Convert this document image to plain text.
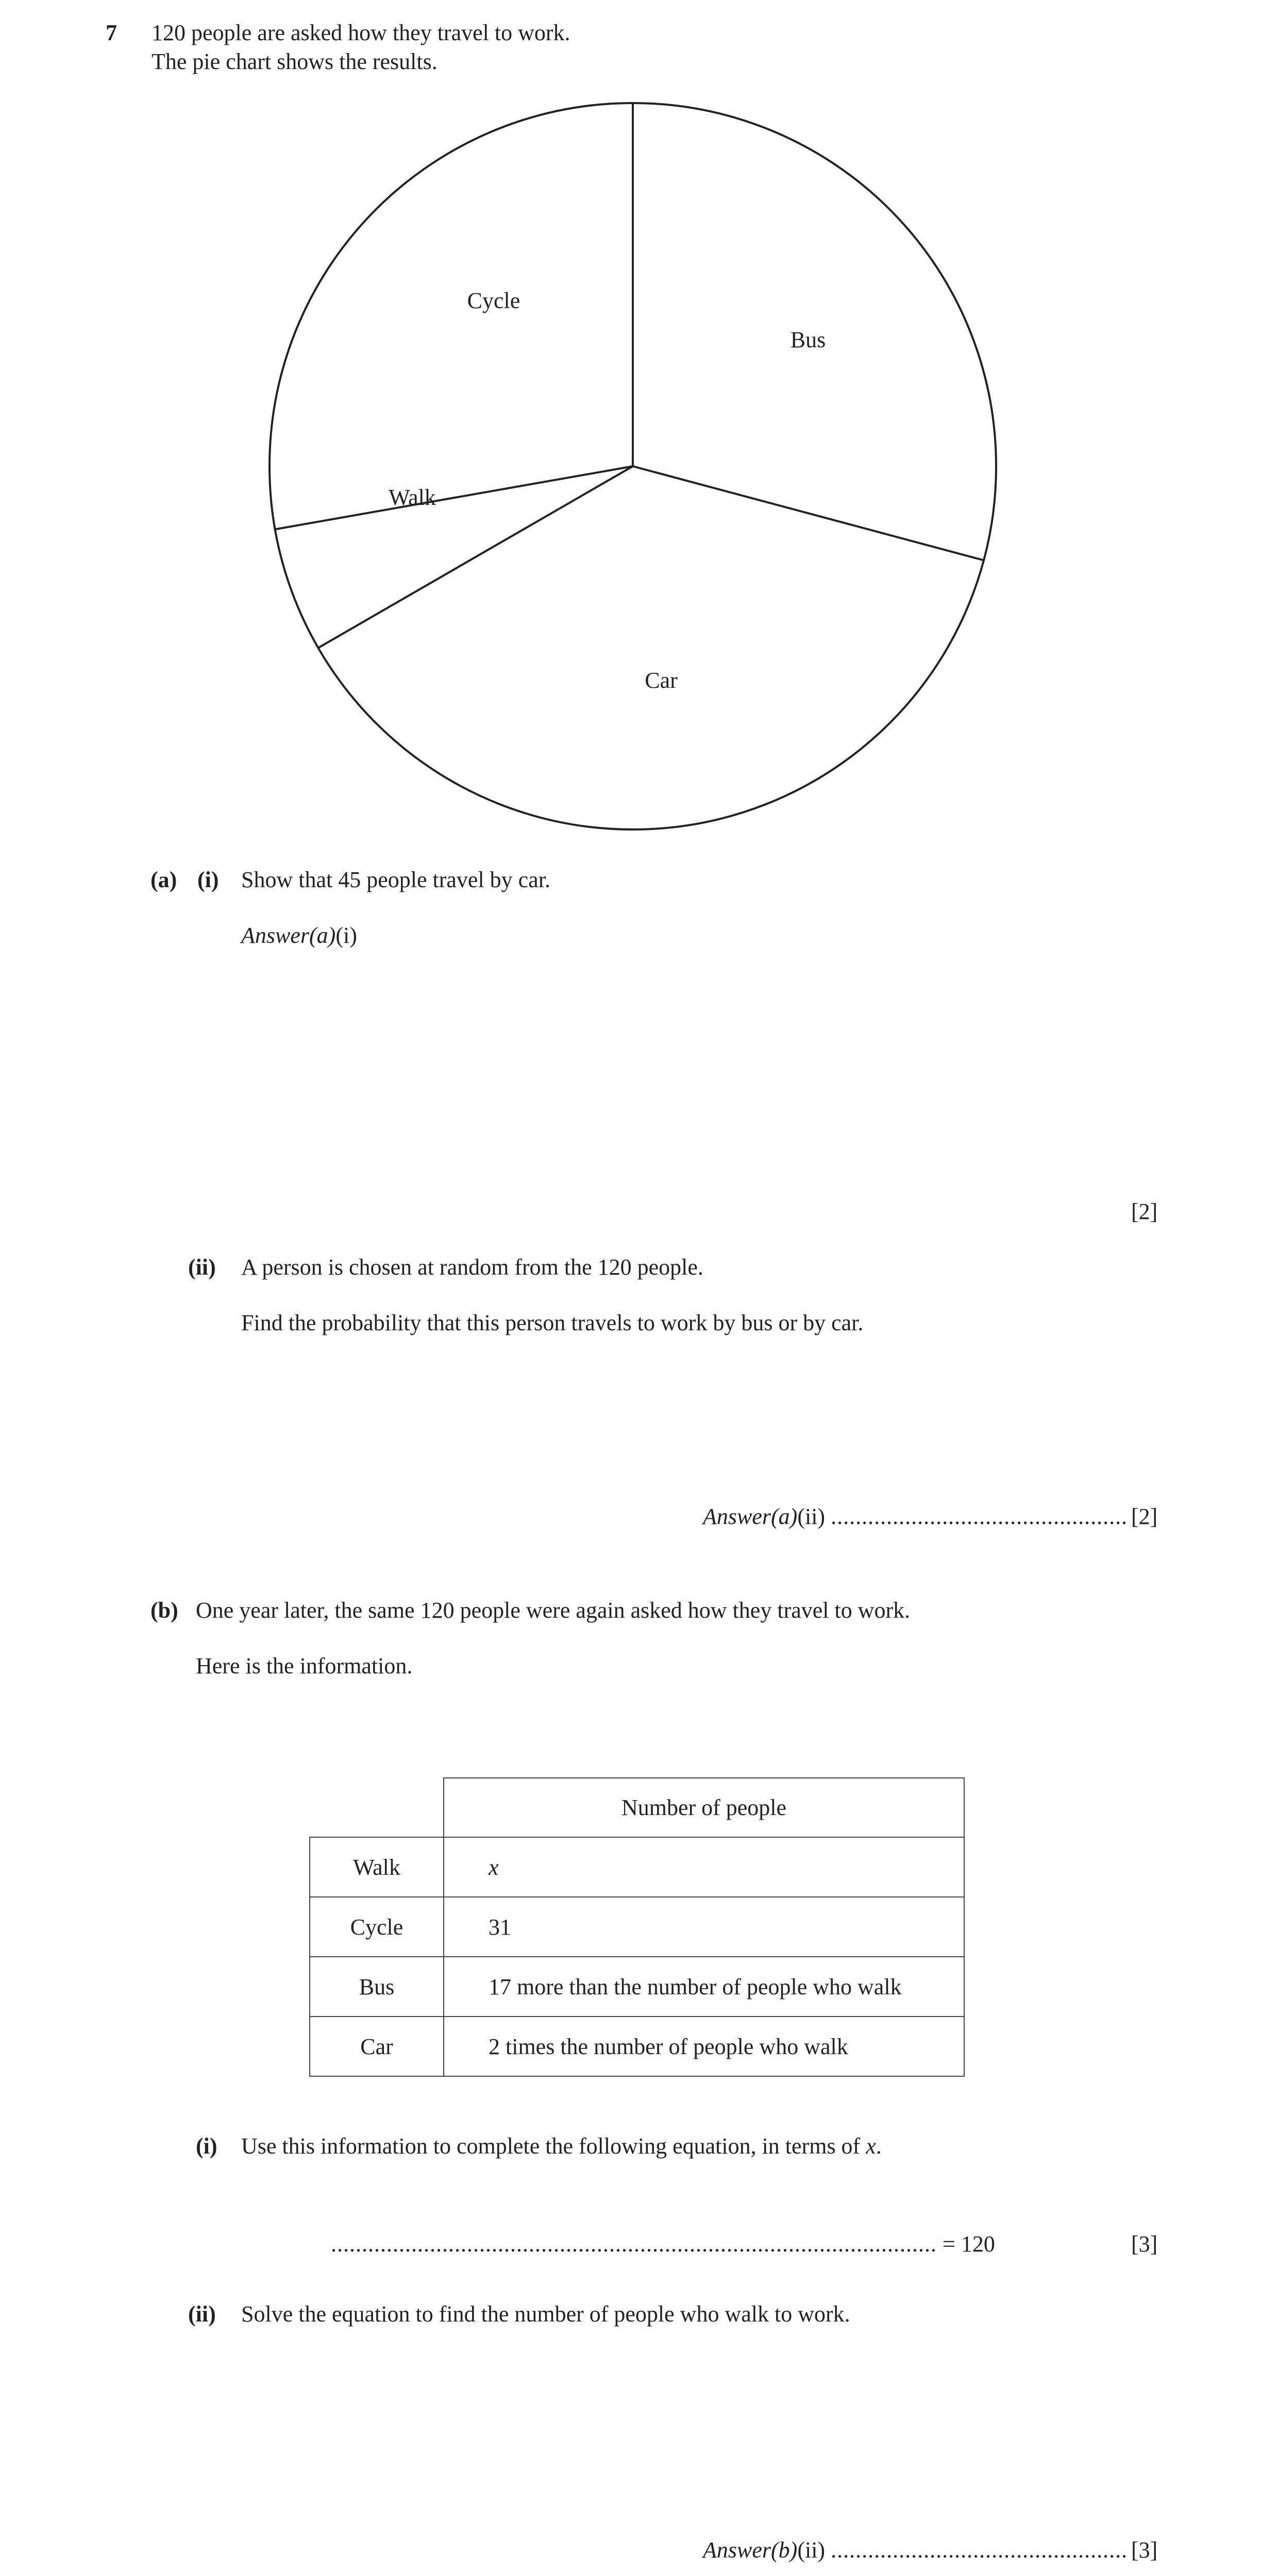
7 120 people are asked how they travel to work.
The pie chart shows the results.
Cycle
Bus
Car
Walk
(a) (i) Show that 45 people travel by car.
Answer(a)(i)
[2]
(ii) A person is chosen at random from the 120 people.
Find the probability that this person travels to work by bus or by car.
Answer(a)(ii) ................................................ [2]
(b) One year later, the same 120 people were again asked how they travel to work.
Here is the information.
	Number of people
Walk	x
Cycle	31
Bus	17 more than the number of people who walk
Car	2 times the number of people who walk
(i) Use this information to complete the following equation, in terms of x.
.................................................................................................. = 120	[3]
(ii) Solve the equation to find the number of people who walk to work.
Answer(b)(ii) ................................................ [3]
